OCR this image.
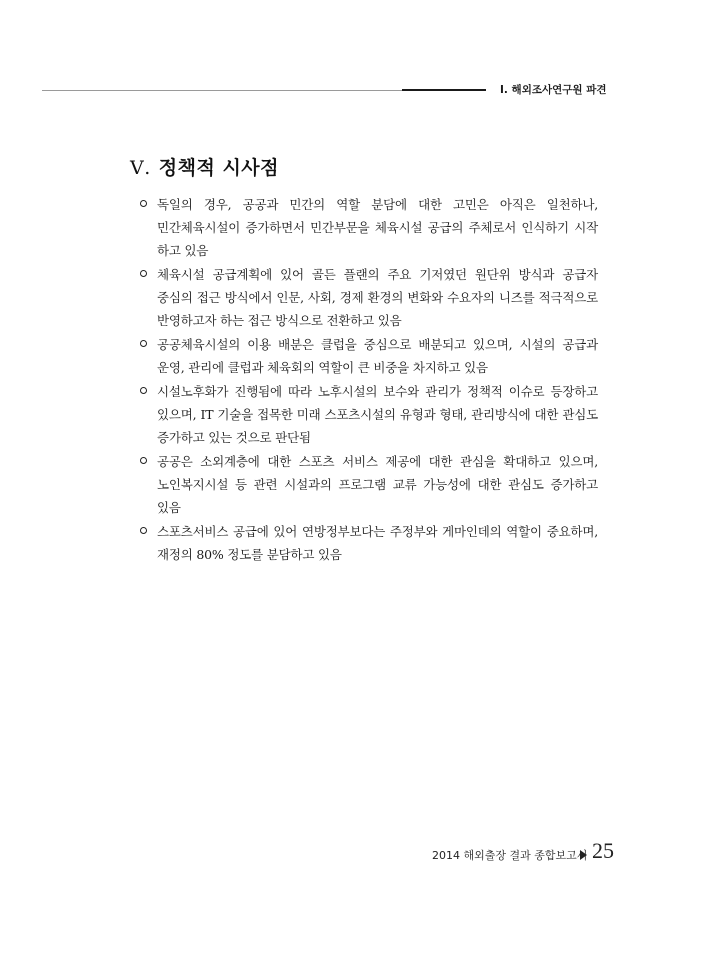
Ⅰ. 해외조사연구원 파견
Ⅴ. 정책적 시사점
독일의 경우, 공공과 민간의 역할 분담에 대한 고민은 아직은 일천하나, 민간체육시설이 증가하면서 민간부문을 체육시설 공급의 주체로서 인식하기 시작 하고 있음
체육시설 공급계획에 있어 골든 플랜의 주요 기저였던 원단위 방식과 공급자 중심의 접근 방식에서 인문, 사회, 경제 환경의 변화와 수요자의 니즈를 적극적으로 반영하고자 하는 접근 방식으로 전환하고 있음
공공체육시설의 이용 배분은 클럽을 중심으로 배분되고 있으며, 시설의 공급과 운영, 관리에 클럽과 체육회의 역할이 큰 비중을 차지하고 있음
시설노후화가 진행됨에 따라 노후시설의 보수와 관리가 정책적 이슈로 등장하고 있으며, IT 기술을 접목한 미래 스포츠시설의 유형과 형태, 관리방식에 대한 관심도 증가하고 있는 것으로 판단됨
공공은 소외계층에 대한 스포츠 서비스 제공에 대한 관심을 확대하고 있으며, 노인복지시설 등 관련 시설과의 프로그램 교류 가능성에 대한 관심도 증가하고 있음
스포츠서비스 공급에 있어 연방정부보다는 주정부와 게마인데의 역할이 중요하며, 재정의 80% 정도를 분담하고 있음
2014 해외출장 결과 종합보고서 25
